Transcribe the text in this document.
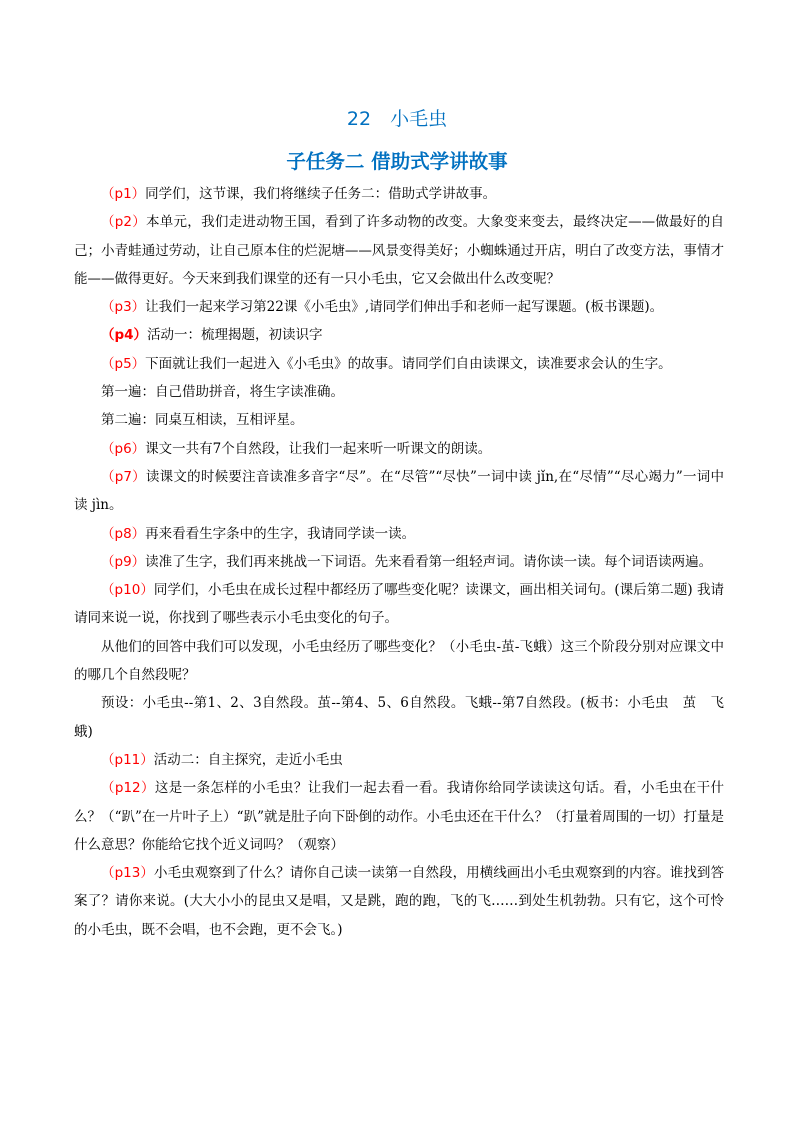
22　小毛虫
子任务二 借助式学讲故事

（p1）同学们，这节课，我们将继续子任务二：借助式学讲故事。

（p2）本单元，我们走进动物王国，看到了许多动物的改变。大象变来变去，最终决定——做最好的自己；小青蛙通过劳动，让自己原本住的烂泥塘——风景变得美好；小蜘蛛通过开店，明白了改变方法，事情才能——做得更好。今天来到我们课堂的还有一只小毛虫，它又会做出什么改变呢？

（p3）让我们一起来学习第22课《小毛虫》,请同学们伸出手和老师一起写课题。(板书课题)。

（p4）活动一：梳理揭题，初读识字

（p5）下面就让我们一起进入《小毛虫》的故事。请同学们自由读课文，读准要求会认的生字。

第一遍：自己借助拼音，将生字读准确。

第二遍：同桌互相读，互相评星。

（p6）课文一共有7个自然段，让我们一起来听一听课文的朗读。

（p7）读课文的时候要注音读准多音字“尽”。在“尽管”“尽快”一词中读 jǐn,在“尽情”“尽心竭力”一词中读 jìn。

（p8）再来看看生字条中的生字，我请同学读一读。

（p9）读准了生字，我们再来挑战一下词语。先来看看第一组轻声词。请你读一读。每个词语读两遍。

（p10）同学们，小毛虫在成长过程中都经历了哪些变化呢？读课文，画出相关词句。(课后第二题) 我请请同来说一说，你找到了哪些表示小毛虫变化的句子。

从他们的回答中我们可以发现，小毛虫经历了哪些变化？（小毛虫-茧-飞蛾）这三个阶段分别对应课文中的哪几个自然段呢？

预设：小毛虫--第1、2、3自然段。茧--第4、5、6自然段。飞蛾--第7自然段。(板书：小毛虫　茧　飞蛾)

（p11）活动二：自主探究，走近小毛虫

（p12）这是一条怎样的小毛虫？让我们一起去看一看。我请你给同学读读这句话。看，小毛虫在干什么？（“趴”在一片叶子上）“趴”就是肚子向下卧倒的动作。小毛虫还在干什么？（打量着周围的一切）打量是什么意思？你能给它找个近义词吗？（观察）

（p13）小毛虫观察到了什么？请你自己读一读第一自然段，用横线画出小毛虫观察到的内容。谁找到答案了？请你来说。(大大小小的昆虫又是唱，又是跳，跑的跑，飞的飞……到处生机勃勃。只有它，这个可怜的小毛虫，既不会唱，也不会跑，更不会飞。)
